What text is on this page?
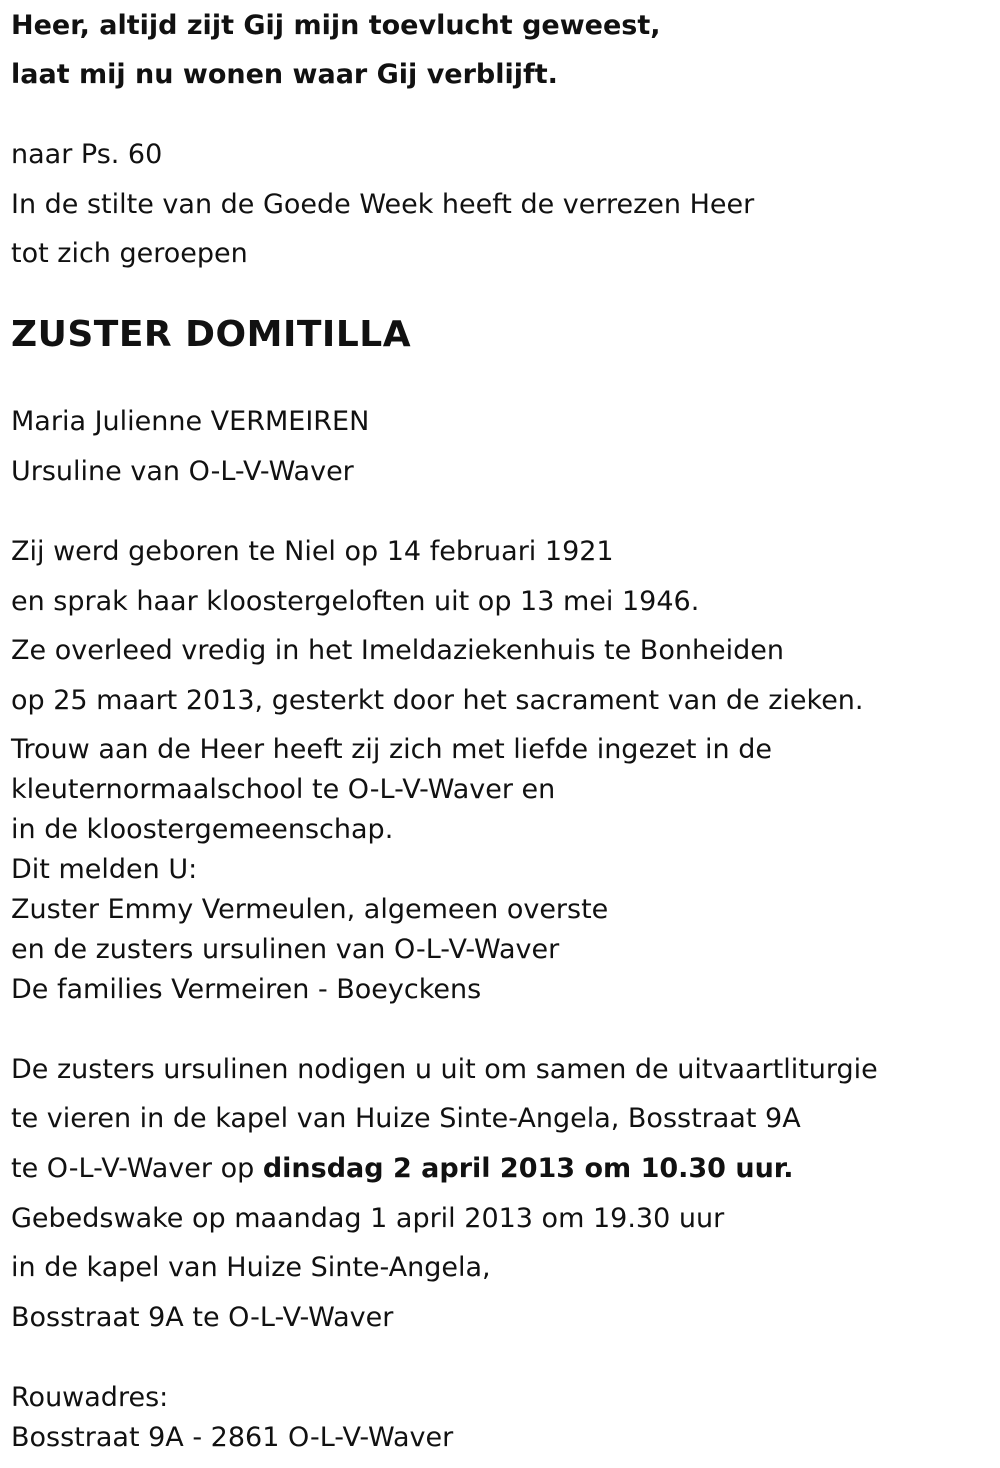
Heer, altijd zijt Gij mijn toevlucht geweest,

laat mij nu wonen waar Gij verblijft.

naar Ps. 60

In de stilte van de Goede Week heeft de verrezen Heer

tot zich geroepen

ZUSTER DOMITILLA

Maria Julienne VERMEIREN

Ursuline van O-L-V-Waver

Zij werd geboren te Niel op 14 februari 1921

en sprak haar kloostergeloften uit op 13 mei 1946.

Ze overleed vredig in het Imeldaziekenhuis te Bonheiden

op 25 maart 2013, gesterkt door het sacrament van de zieken.

Trouw aan de Heer heeft zij zich met liefde ingezet in de

kleuternormaalschool te O-L-V-Waver en

in de kloostergemeenschap.

Dit melden U:

Zuster Emmy Vermeulen, algemeen overste

en de zusters ursulinen van O-L-V-Waver

De families Vermeiren - Boeyckens

De zusters ursulinen nodigen u uit om samen de uitvaartliturgie

te vieren in de kapel van Huize Sinte-Angela, Bosstraat 9A

te O-L-V-Waver op dinsdag 2 april 2013 om 10.30 uur.

Gebedswake op maandag 1 april 2013 om 19.30 uur

in de kapel van Huize Sinte-Angela,

Bosstraat 9A te O-L-V-Waver

Rouwadres:

Bosstraat 9A - 2861 O-L-V-Waver
